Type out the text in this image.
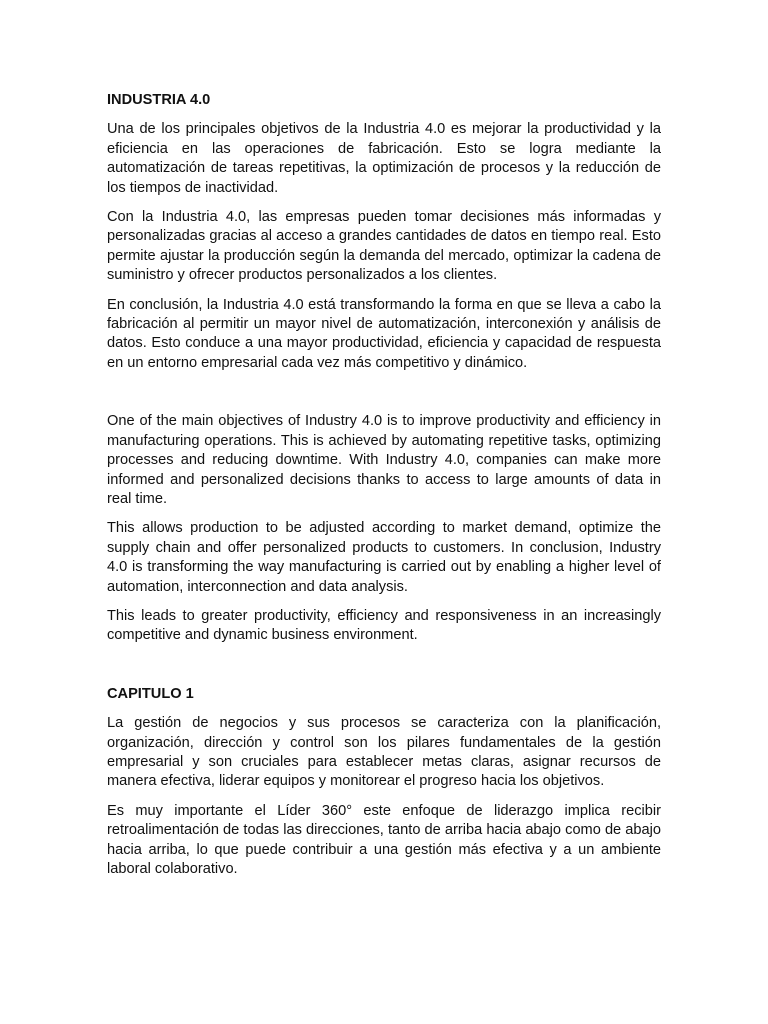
INDUSTRIA 4.0

Una de los principales objetivos de la Industria 4.0 es mejorar la productividad y la eficiencia en las operaciones de fabricación. Esto se logra mediante la automatización de tareas repetitivas, la optimización de procesos y la reducción de los tiempos de inactividad.

Con la Industria 4.0, las empresas pueden tomar decisiones más informadas y personalizadas gracias al acceso a grandes cantidades de datos en tiempo real. Esto permite ajustar la producción según la demanda del mercado, optimizar la cadena de suministro y ofrecer productos personalizados a los clientes.

En conclusión, la Industria 4.0 está transformando la forma en que se lleva a cabo la fabricación al permitir un mayor nivel de automatización, interconexión y análisis de datos. Esto conduce a una mayor productividad, eficiencia y capacidad de respuesta en un entorno empresarial cada vez más competitivo y dinámico.

One of the main objectives of Industry 4.0 is to improve productivity and efficiency in manufacturing operations. This is achieved by automating repetitive tasks, optimizing processes and reducing downtime. With Industry 4.0, companies can make more informed and personalized decisions thanks to access to large amounts of data in real time.

This allows production to be adjusted according to market demand, optimize the supply chain and offer personalized products to customers. In conclusion, Industry 4.0 is transforming the way manufacturing is carried out by enabling a higher level of automation, interconnection and data analysis.

This leads to greater productivity, efficiency and responsiveness in an increasingly competitive and dynamic business environment.

CAPITULO 1

La gestión de negocios y sus procesos se caracteriza con la planificación, organización, dirección y control son los pilares fundamentales de la gestión empresarial y son cruciales para establecer metas claras, asignar recursos de manera efectiva, liderar equipos y monitorear el progreso hacia los objetivos.

Es muy importante el Líder 360° este enfoque de liderazgo implica recibir retroalimentación de todas las direcciones, tanto de arriba hacia abajo como de abajo hacia arriba, lo que puede contribuir a una gestión más efectiva y a un ambiente laboral colaborativo.
